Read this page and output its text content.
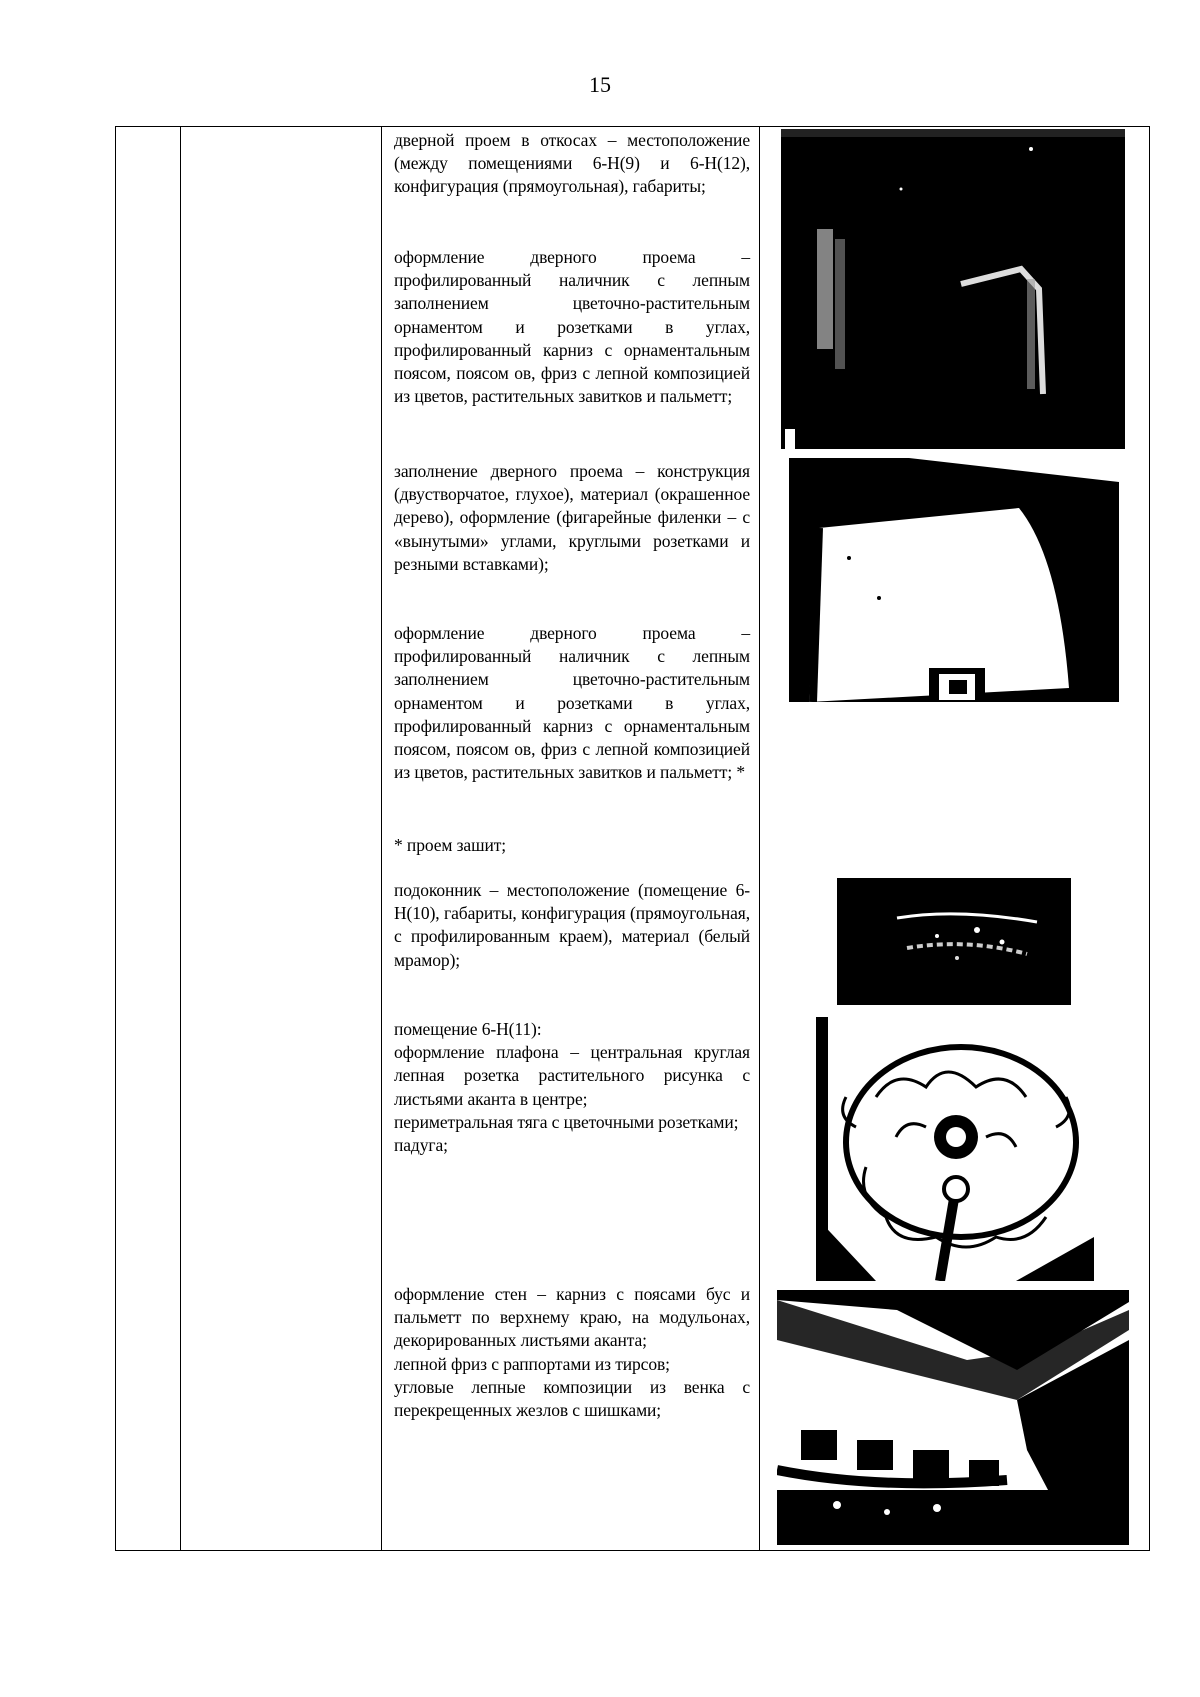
15
дверной проем в откосах – местоположение (между помещениями 6-Н(9) и 6-Н(12), конфигурация (прямоугольная), габариты;
оформление дверного проема – профилированный наличник с лепным заполнением цветочно-растительным орнаментом и розетками в углах, профилированный карниз с орнаментальным поясом, поясом ов, фриз с лепной композицией из цветов, растительных завитков и пальметт;
заполнение дверного проема – конструкция (двустворчатое, глухое), материал (окрашенное дерево), оформление (фигарейные филенки – с «вынутыми» углами, круглыми розетками и резными вставками);
оформление дверного проема – профилированный наличник с лепным заполнением цветочно-растительным орнаментом и розетками в углах, профилированный карниз с орнаментальным поясом, поясом ов, фриз с лепной композицией из цветов, растительных завитков и пальметт; *
* проем зашит;
подоконник – местоположение (помещение 6-Н(10), габариты, конфигурация (прямоугольная, с профилированным краем), материал (белый мрамор);
помещение 6-Н(11):
оформление плафона – центральная круглая лепная розетка растительного рисунка с листьями аканта в центре;
периметральная тяга с цветочными розетками;
падуга;
оформление стен – карниз с поясами бус и пальметт по верхнему краю, на модульонах, декорированных листьями аканта;
лепной фриз с раппортами из тирсов;
угловые лепные композиции из венка с перекрещенных жезлов с шишками;
